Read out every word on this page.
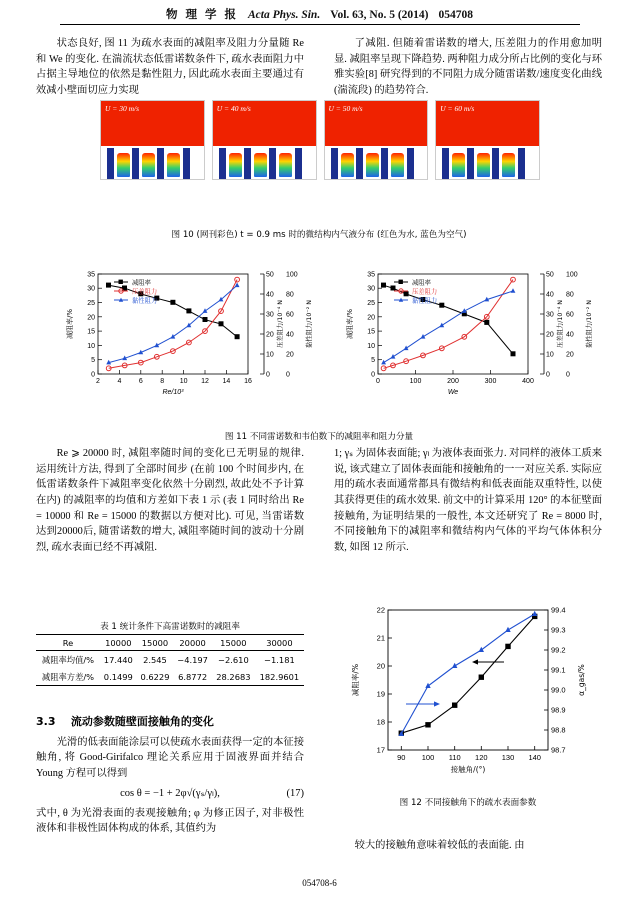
物 理 学 报 Acta Phys. Sin. Vol. 63, No. 5 (2014) 054708

状态良好, 图 11 为疏水表面的减阻率及阻力分量随 Re 和 We 的变化. 在湍流状态低雷诺数条件下, 疏水表面阻力中占据主导地位的依然是黏性阻力, 因此疏水表面主要通过有效减小壁面切应力实现

了减阻. 但随着雷诺数的增大, 压差阻力的作用愈加明显. 减阻率呈现下降趋势. 两种阻力成分所占比例的变化与环雅实验[8] 研究得到的不同阻力成分随雷诺数/速度变化曲线 (湍流段) 的趋势符合.

U = 30 m/s	U = 40 m/s	U = 50 m/s	U = 60 m/s
图 10 (网刊彩色) t = 0.9 ms 时的微结构内气液分布 (红色为水, 蓝色为空气)
0
5
10
15
20
25
30
35
2 4 6 8 10 12 14 16
Re/10³
减阻率/%
0
10
20
30
40
50
0
20
40
60
80
100
压差阻力/10⁻⁴ N	黏性阻力/10⁻² N
减阻率
压差阻力
黏性阻力
0
5
10
15
20
25
30
35
0	100	200	300	400
We
减阻率/%
0
10
20
30
40
50
0
20
40
60
80
100
压差阻力/10⁻⁴ N	黏性阻力/10⁻² N
减阻率
压差阻力
黏性阻力
图 11 不同雷诺数和韦伯数下的减阻率和阻力分量

Re ⩾ 20000 时, 减阻率随时间的变化已无明显的规律. 运用统计方法, 得到了全部时间步 (在前 100 个时间步内, 在低雷诺数条件下减阻率变化依然十分剧烈, 故此处不予计算在内) 的减阻率的均值和方差如下表 1 示 (表 1 同时给出 Re = 10000 和 Re = 15000 的数据以方便对比). 可见, 当雷诺数达到20000后, 随雷诺数的增大, 减阻率随时间的波动十分剧烈, 疏水表面已经不再减阻.

1; γₛ 为固体表面能; γₗ 为液体表面张力. 对同样的液体工质来说, 该式建立了固体表面能和接触角的一一对应关系. 实际应用的疏水表面通常都具有微结构和低表面能双重特性, 以使其获得更佳的疏水效果. 前文中的计算采用 120° 的本征壁面接触角, 为证明结果的一般性, 本文还研究了 Re = 8000 时, 不同接触角下的减阻率和微结构内气体的平均气体体积分数, 如图 12 所示.

表 1 统计条件下高雷诺数时的减阻率
Re	10000	15000	20000	15000	30000
减阻率均值/%	17.440	2.545	−4.197	−2.610	−1.181
减阻率方差/%	0.1499	0.6229	6.8772	28.2683	182.9601
3.3 流动参数随壁面接触角的变化

光滑的低表面能涂层可以使疏水表面获得一定的本征接触角, 将 Good-Girifalco 理论关系应用于固液界面并结合 Young 方程可以得到

cos θ = −1 + 2φ√(γₛ/γₗ),	(17)

式中, θ 为光滑表面的表观接触角; φ 为修正因子, 对非极性液体和非极性固体构成的体系, 其值约为

17
18
19
20
21
22
98.7
98.8
98.9
99.0
99.1
99.2
99.3
99.4
90 100 110 120 130 140
接触角/(°)
减阻率/%	α_gas/%
图 12 不同接触角下的疏水表面参数

较大的接触角意味着较低的表面能. 由

054708-6
